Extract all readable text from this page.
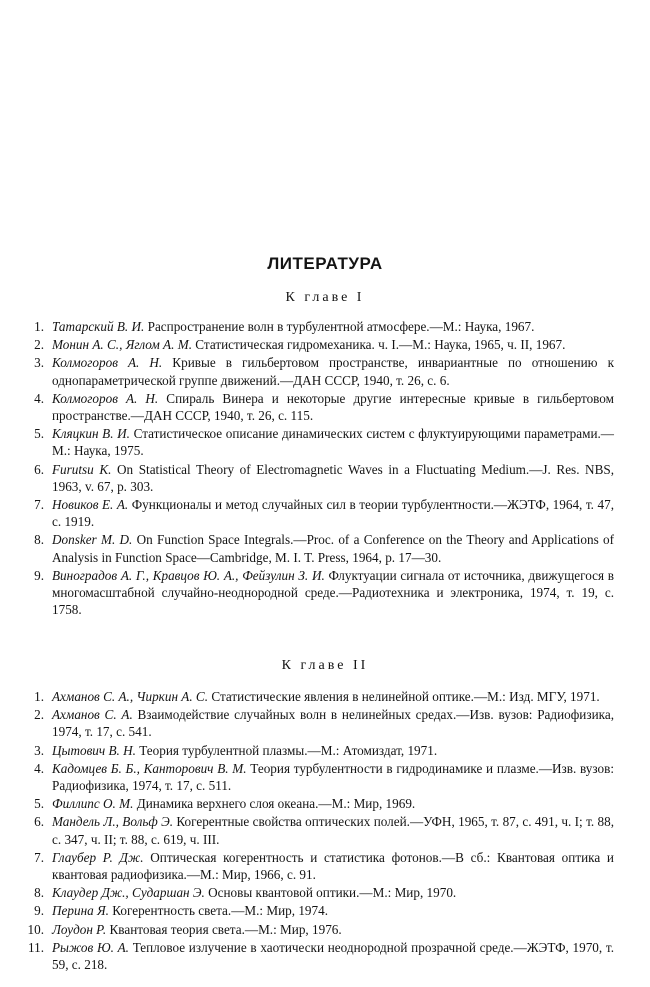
ЛИТЕРАТУРА
К главе I
1. Татарский В. И. Распространение волн в турбулентной атмосфере.—М.: Наука, 1967.
2. Монин А. С., Яглом А. М. Статистическая гидромеханика. ч. I.—М.: Наука, 1965, ч. II, 1967.
3. Колмогоров А. Н. Кривые в гильбертовом пространстве, инвариантные по отношению к однопараметрической группе движений.—ДАН СССР, 1940, т. 26, с. 6.
4. Колмогоров А. Н. Спираль Винера и некоторые другие интересные кривые в гильбертовом пространстве.—ДАН СССР, 1940, т. 26, с. 115.
5. Кляцкин В. И. Статистическое описание динамических систем с флуктуирующими параметрами.—М.: Наука, 1975.
6. Furutsu K. On Statistical Theory of Electromagnetic Waves in a Fluctuating Medium.—J. Res. NBS, 1963, v. 67, p. 303.
7. Новиков Е. А. Функционалы и метод случайных сил в теории турбулентности.—ЖЭТФ, 1964, т. 47, с. 1919.
8. Donsker M. D. On Function Space Integrals.—Proc. of a Conference on the Theory and Applications of Analysis in Function Space—Cambridge, M. I. T. Press, 1964, p. 17—30.
9. Виноградов А. Г., Кравцов Ю. А., Фейзулин З. И. Флуктуации сигнала от источника, движущегося в многомасштабной случайно-неоднородной среде.—Радиотехника и электроника, 1974, т. 19, с. 1758.
К главе II
1. Ахманов С. А., Чиркин А. С. Статистические явления в нелинейной оптике.—М.: Изд. МГУ, 1971.
2. Ахманов С. А. Взаимодействие случайных волн в нелинейных средах.—Изв. вузов: Радиофизика, 1974, т. 17, с. 541.
3. Цытович В. Н. Теория турбулентной плазмы.—М.: Атомиздат, 1971.
4. Кадомцев Б. Б., Канторович В. М. Теория турбулентности в гидродинамике и плазме.—Изв. вузов: Радиофизика, 1974, т. 17, с. 511.
5. Филлипс О. М. Динамика верхнего слоя океана.—М.: Мир, 1969.
6. Мандель Л., Вольф Э. Когерентные свойства оптических полей.—УФН, 1965, т. 87, с. 491, ч. I; т. 88, с. 347, ч. II; т. 88, с. 619, ч. III.
7. Глаубер Р. Дж. Оптическая когерентность и статистика фотонов.—В сб.: Квантовая оптика и квантовая радиофизика.—М.: Мир, 1966, с. 91.
8. Клаудер Дж., Сударшан Э. Основы квантовой оптики.—М.: Мир, 1970.
9. Перина Я. Когерентность света.—М.: Мир, 1974.
10. Лоудон Р. Квантовая теория света.—М.: Мир, 1976.
11. Рыжов Ю. А. Тепловое излучение в хаотически неоднородной прозрачной среде.—ЖЭТФ, 1970, т. 59, с. 218.
